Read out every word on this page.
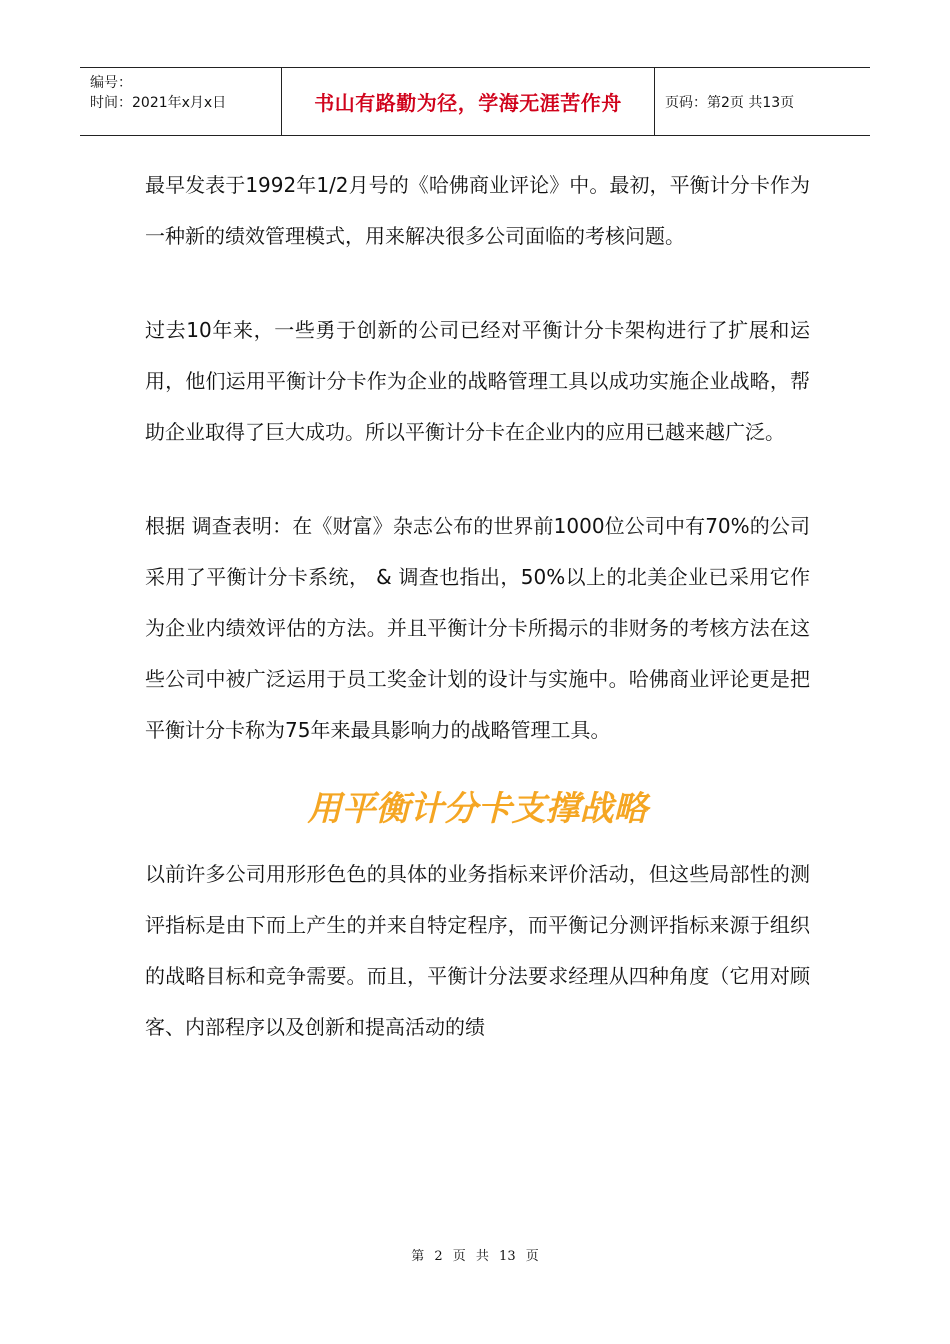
编号：
时间：2021年x月x日	书山有路勤为径，学海无涯苦作舟	页码：第2页 共13页

最早发表于1992年1/2月号的《哈佛商业评论》中。最初，平衡计分卡作为一种新的绩效管理模式，用来解决很多公司面临的考核问题。

过去10年来，一些勇于创新的公司已经对平衡计分卡架构进行了扩展和运用，他们运用平衡计分卡作为企业的战略管理工具以成功实施企业战略，帮助企业取得了巨大成功。所以平衡计分卡在企业内的应用已越来越广泛。

根据 调查表明：在《财富》杂志公布的世界前1000位公司中有70%的公司采用了平衡计分卡系统， & 调查也指出，50%以上的北美企业已采用它作为企业内绩效评估的方法。并且平衡计分卡所揭示的非财务的考核方法在这些公司中被广泛运用于员工奖金计划的设计与实施中。哈佛商业评论更是把平衡计分卡称为75年来最具影响力的战略管理工具。

用平衡计分卡支撑战略

以前许多公司用形形色色的具体的业务指标来评价活动，但这些局部性的测评指标是由下而上产生的并来自特定程序，而平衡记分测评指标来源于组织的战略目标和竞争需要。而且，平衡计分法要求经理从四种角度（它用对顾客、内部程序以及创新和提高活动的绩

第 2 页 共 13 页
